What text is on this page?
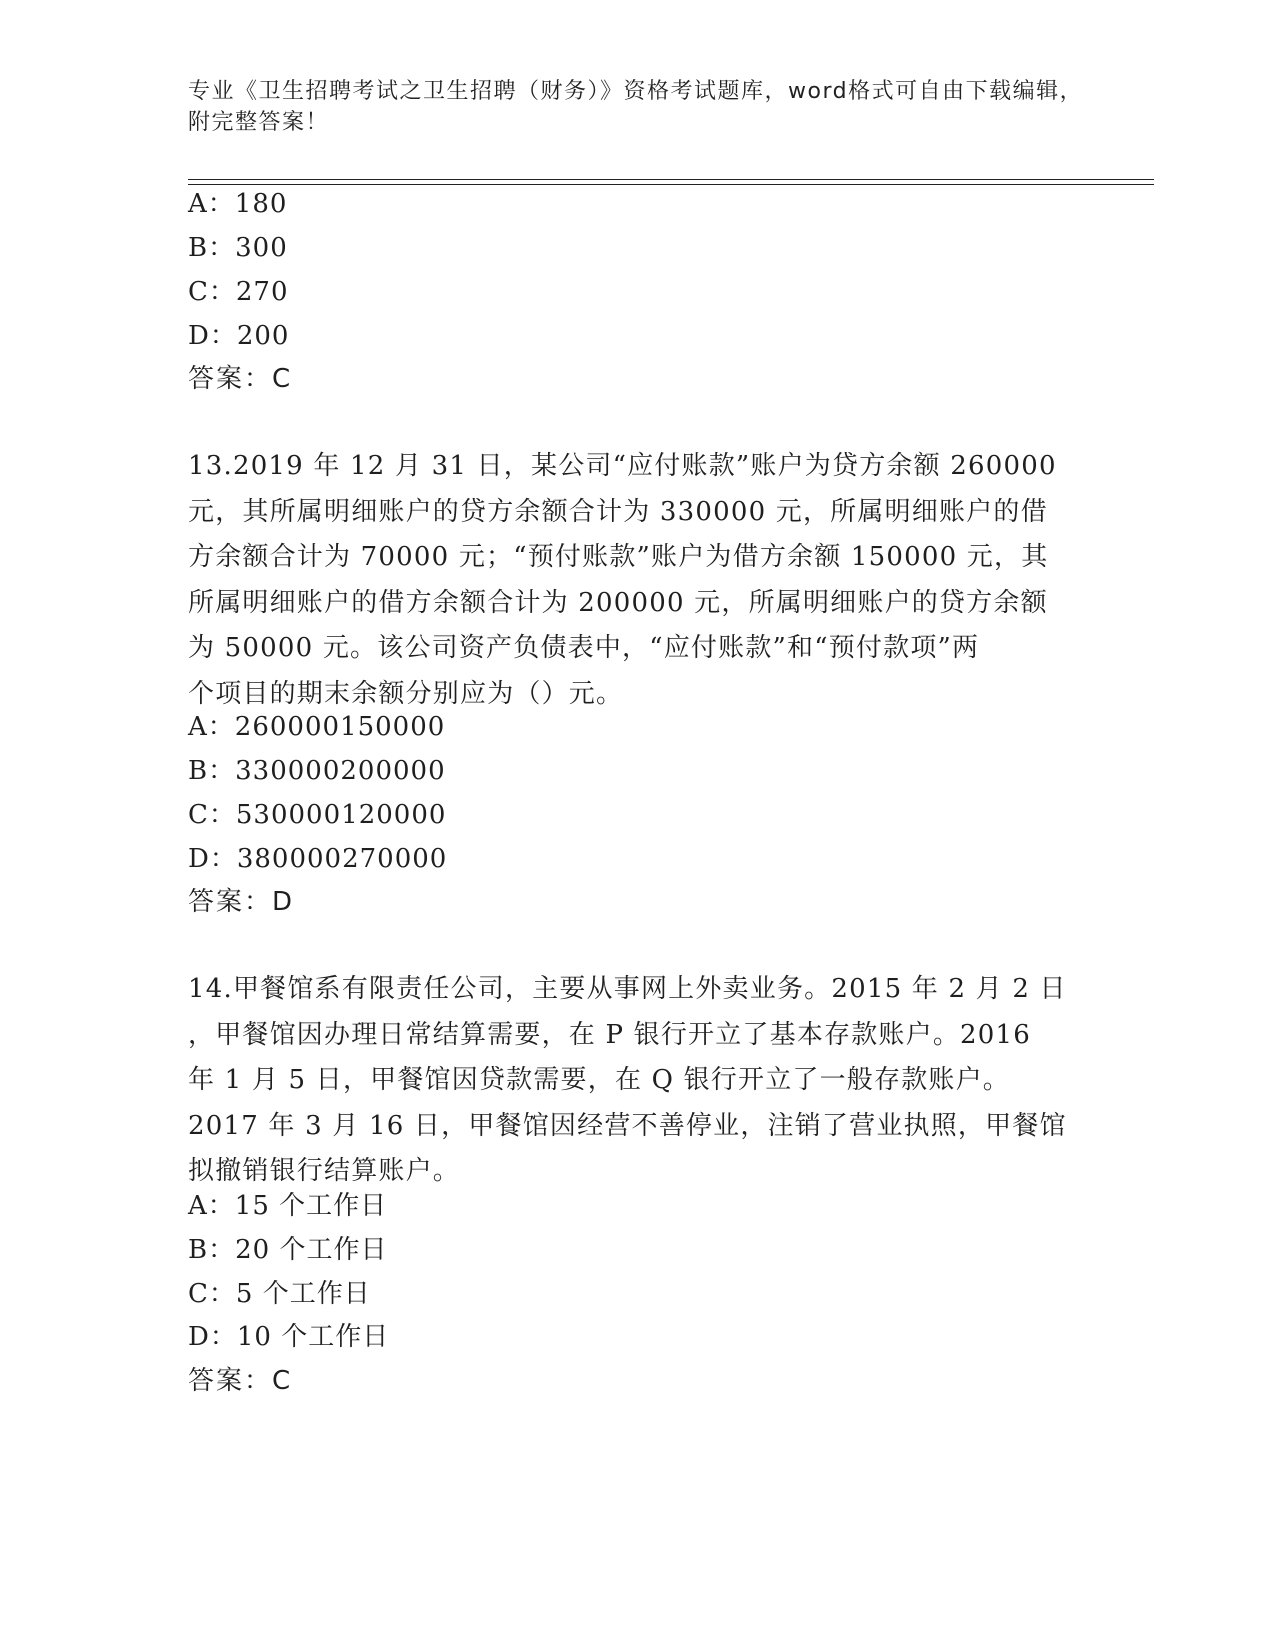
专业《卫生招聘考试之卫生招聘（财务）》资格考试题库，word格式可自由下载编辑，附完整答案！
A：180
B：300
C：270
D：200
答案：C
13.2019 年 12 月 31 日，某公司“应付账款”账户为贷方余额 260000
元，其所属明细账户的贷方余额合计为 330000 元，所属明细账户的借
方余额合计为 70000 元；“预付账款”账户为借方余额 150000 元，其
所属明细账户的借方余额合计为 200000 元，所属明细账户的贷方余额
为 50000 元。该公司资产负债表中，“应付账款”和“预付款项”两
个项目的期末余额分别应为（）元。
A：260000150000
B：330000200000
C：530000120000
D：380000270000
答案：D
14.甲餐馆系有限责任公司，主要从事网上外卖业务。2015 年 2 月 2 日
，甲餐馆因办理日常结算需要，在 P 银行开立了基本存款账户。2016
年 1 月 5 日，甲餐馆因贷款需要，在 Q 银行开立了一般存款账户。
2017 年 3 月 16 日，甲餐馆因经营不善停业，注销了营业执照，甲餐馆
拟撤销银行结算账户。
A：15 个工作日
B：20 个工作日
C：5 个工作日
D：10 个工作日
答案：C
